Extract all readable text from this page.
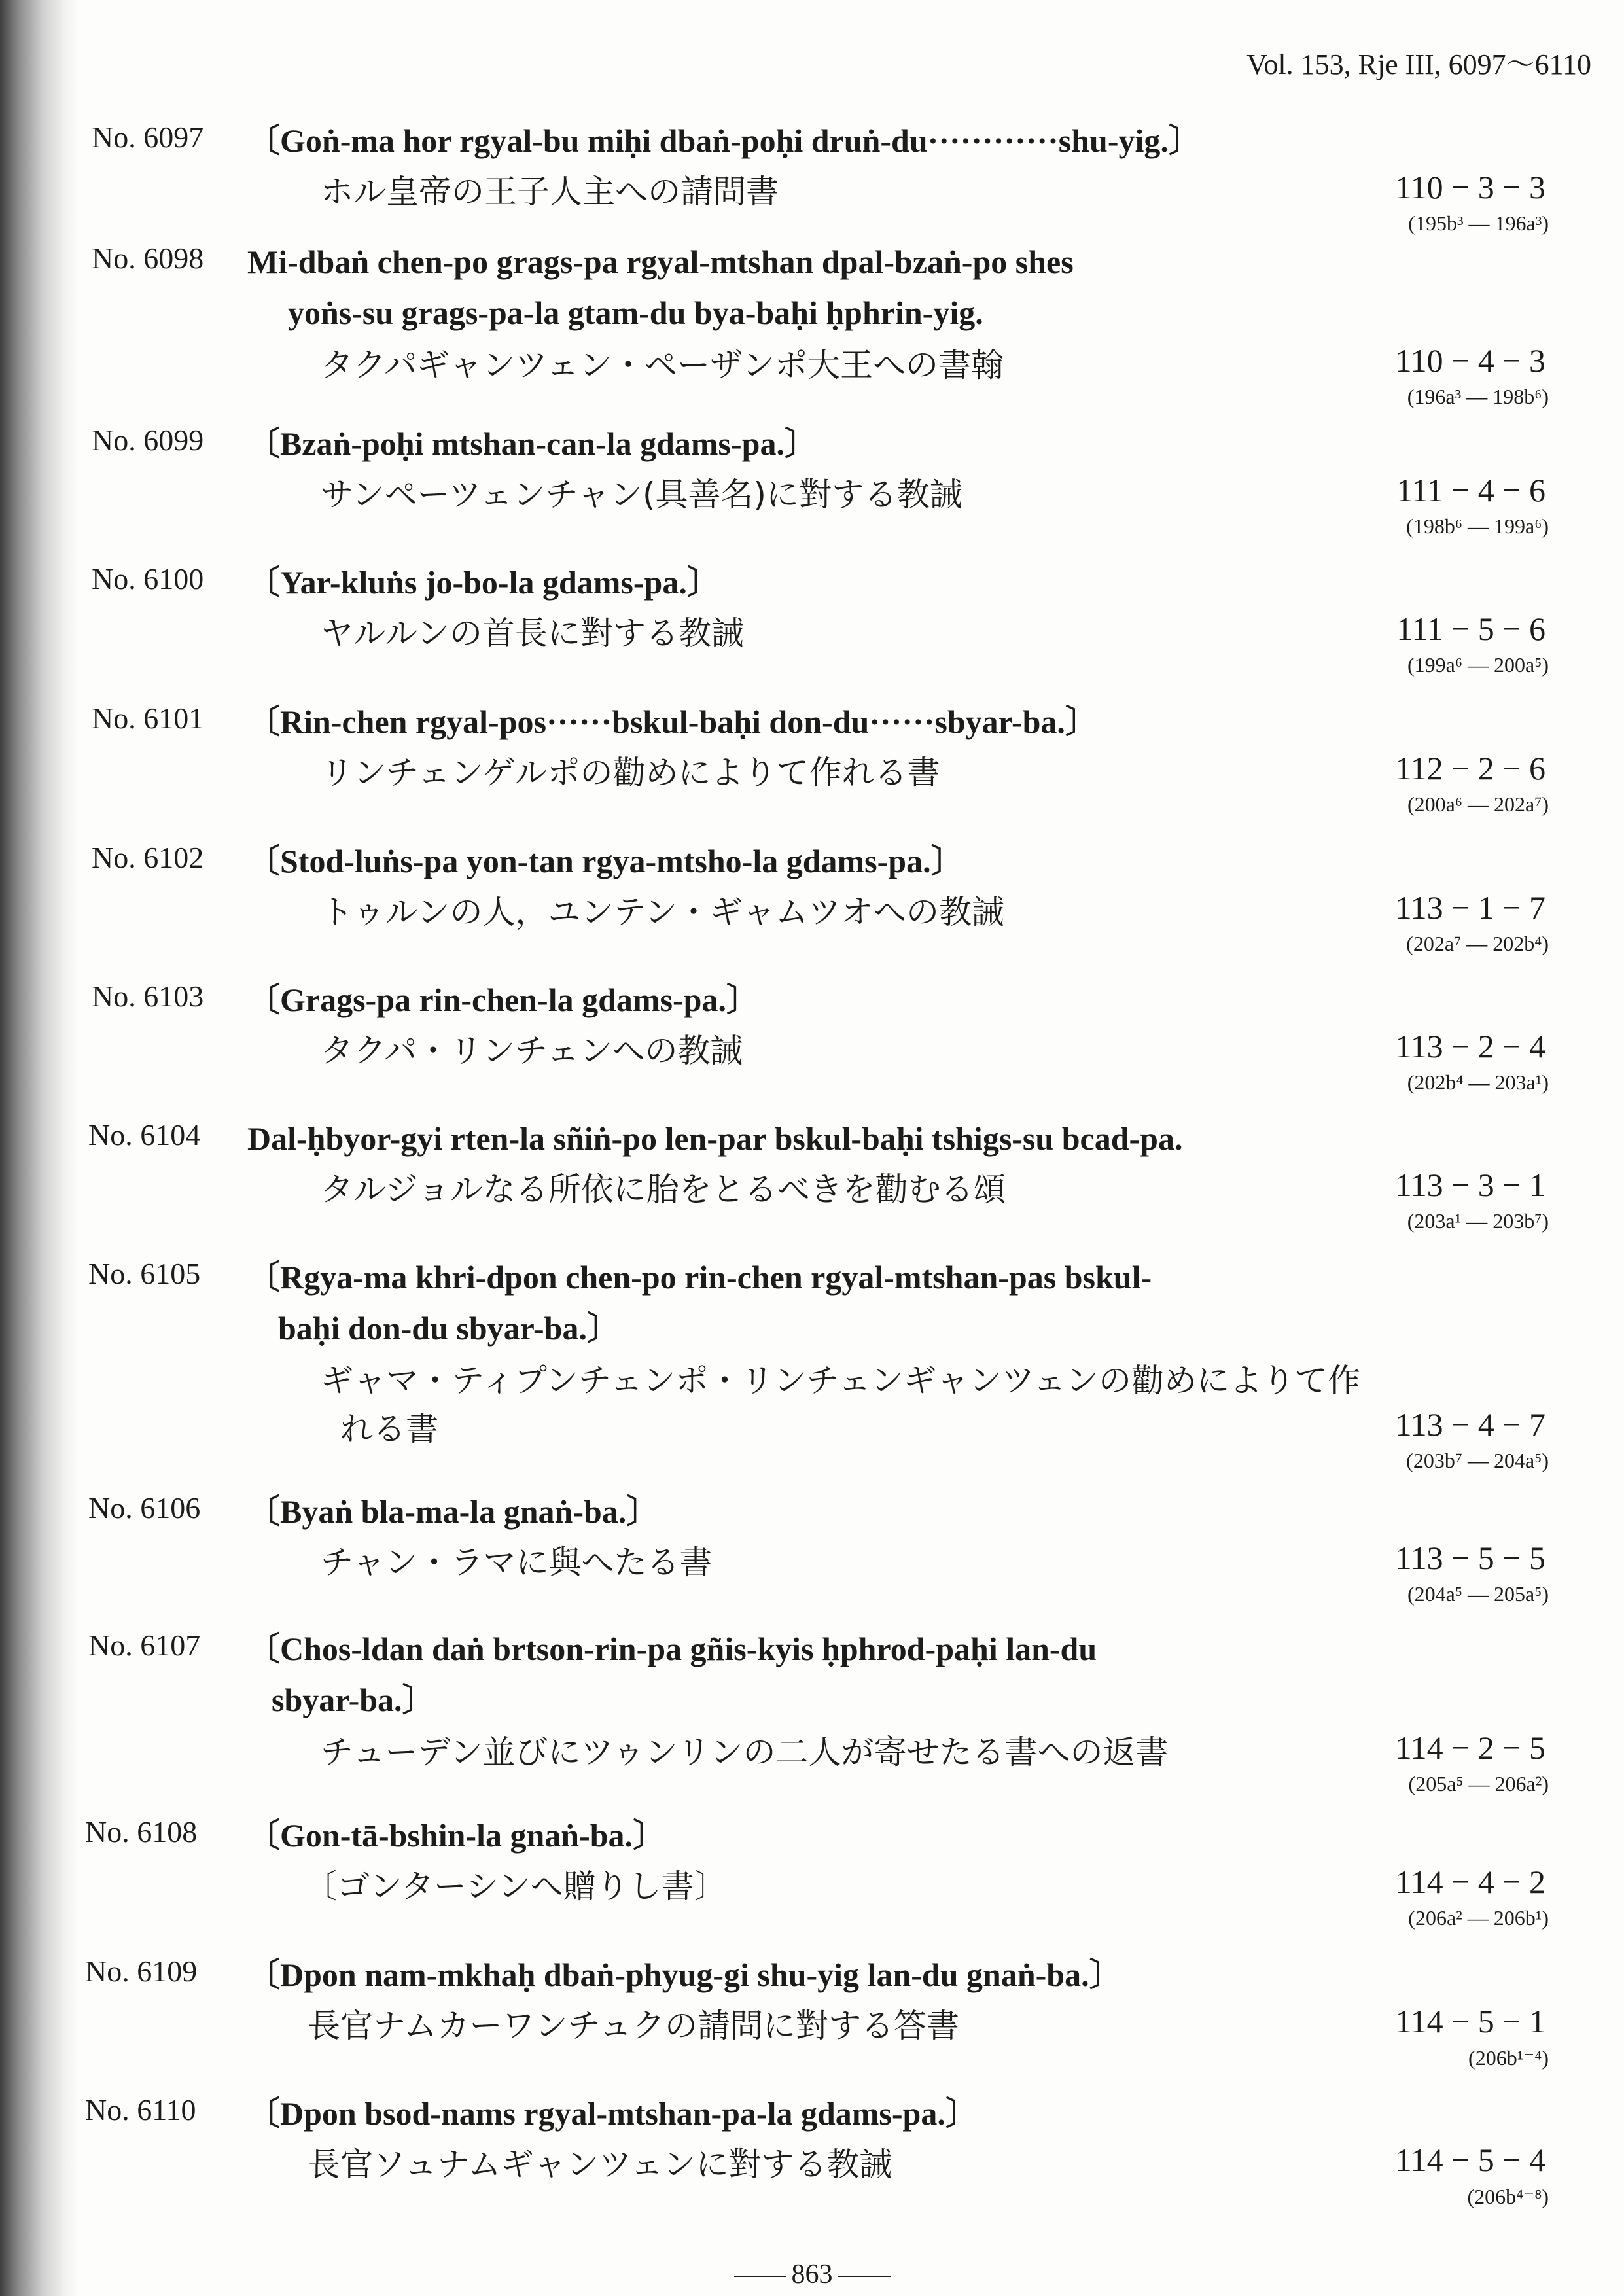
Vol. 153, Rje III, 6097～6110
No. 6097 〔Goṅ-ma hor rgyal-bu miḥi dbaṅ-poḥi druṅ-du············shu-yig.〕
ホル皇帝の王子人主への請問書	110 − 3 − 3
(195b³ — 196a³)
No. 6098 Mi-dbaṅ chen-po grags-pa rgyal-mtshan dpal-bzaṅ-po shes
yoṅs-su grags-pa-la gtam-du bya-baḥi ḥphrin-yig.
タクパギャンツェン・ペーザンポ大王への書翰	110 − 4 − 3
(196a³ — 198b⁶)
No. 6099 〔Bzaṅ-poḥi mtshan-can-la gdams-pa.〕
サンペーツェンチャン(具善名)に對する教誡	111 − 4 − 6
(198b⁶ — 199a⁶)
No. 6100 〔Yar-kluṅs jo-bo-la gdams-pa.〕
ヤルルンの首長に對する教誡	111 − 5 − 6
(199a⁶ — 200a⁵)
No. 6101 〔Rin-chen rgyal-pos······bskul-baḥi don-du······sbyar-ba.〕
リンチェンゲルポの勸めによりて作れる書	112 − 2 − 6
(200a⁶ — 202a⁷)
No. 6102 〔Stod-luṅs-pa yon-tan rgya-mtsho-la gdams-pa.〕
トゥルンの人，ユンテン・ギャムツオへの教誡	113 − 1 − 7
(202a⁷ — 202b⁴)
No. 6103 〔Grags-pa rin-chen-la gdams-pa.〕
タクパ・リンチェンへの教誡	113 − 2 − 4
(202b⁴ — 203a¹)
No. 6104 Dal-ḥbyor-gyi rten-la sñiṅ-po len-par bskul-baḥi tshigs-su bcad-pa.
タルジョルなる所依に胎をとるべきを勸むる頌	113 − 3 − 1
(203a¹ — 203b⁷)
No. 6105 〔Rgya-ma khri-dpon chen-po rin-chen rgyal-mtshan-pas bskul-
baḥi don-du sbyar-ba.〕
ギャマ・ティプンチェンポ・リンチェンギャンツェンの勸めによりて作
れる書	113 − 4 − 7
(203b⁷ — 204a⁵)
No. 6106 〔Byaṅ bla-ma-la gnaṅ-ba.〕
チャン・ラマに與へたる書	113 − 5 − 5
(204a⁵ — 205a⁵)
No. 6107 〔Chos-ldan daṅ brtson-rin-pa gñis-kyis ḥphrod-paḥi lan-du
sbyar-ba.〕
チューデン並びにツゥンリンの二人が寄せたる書への返書	114 − 2 − 5
(205a⁵ — 206a²)
No. 6108 〔Gon-tā-bshin-la gnaṅ-ba.〕
〔ゴンターシンへ贈りし書〕	114 − 4 − 2
(206a² — 206b¹)
No. 6109 〔Dpon nam-mkhaḥ dbaṅ-phyug-gi shu-yig lan-du gnaṅ-ba.〕
長官ナムカーワンチュクの請問に對する答書	114 − 5 − 1
(206b¹⁻⁴)
No. 6110 〔Dpon bsod-nams rgyal-mtshan-pa-la gdams-pa.〕
長官ソュナムギャンツェンに對する教誡	114 − 5 − 4
(206b⁴⁻⁸)
863
